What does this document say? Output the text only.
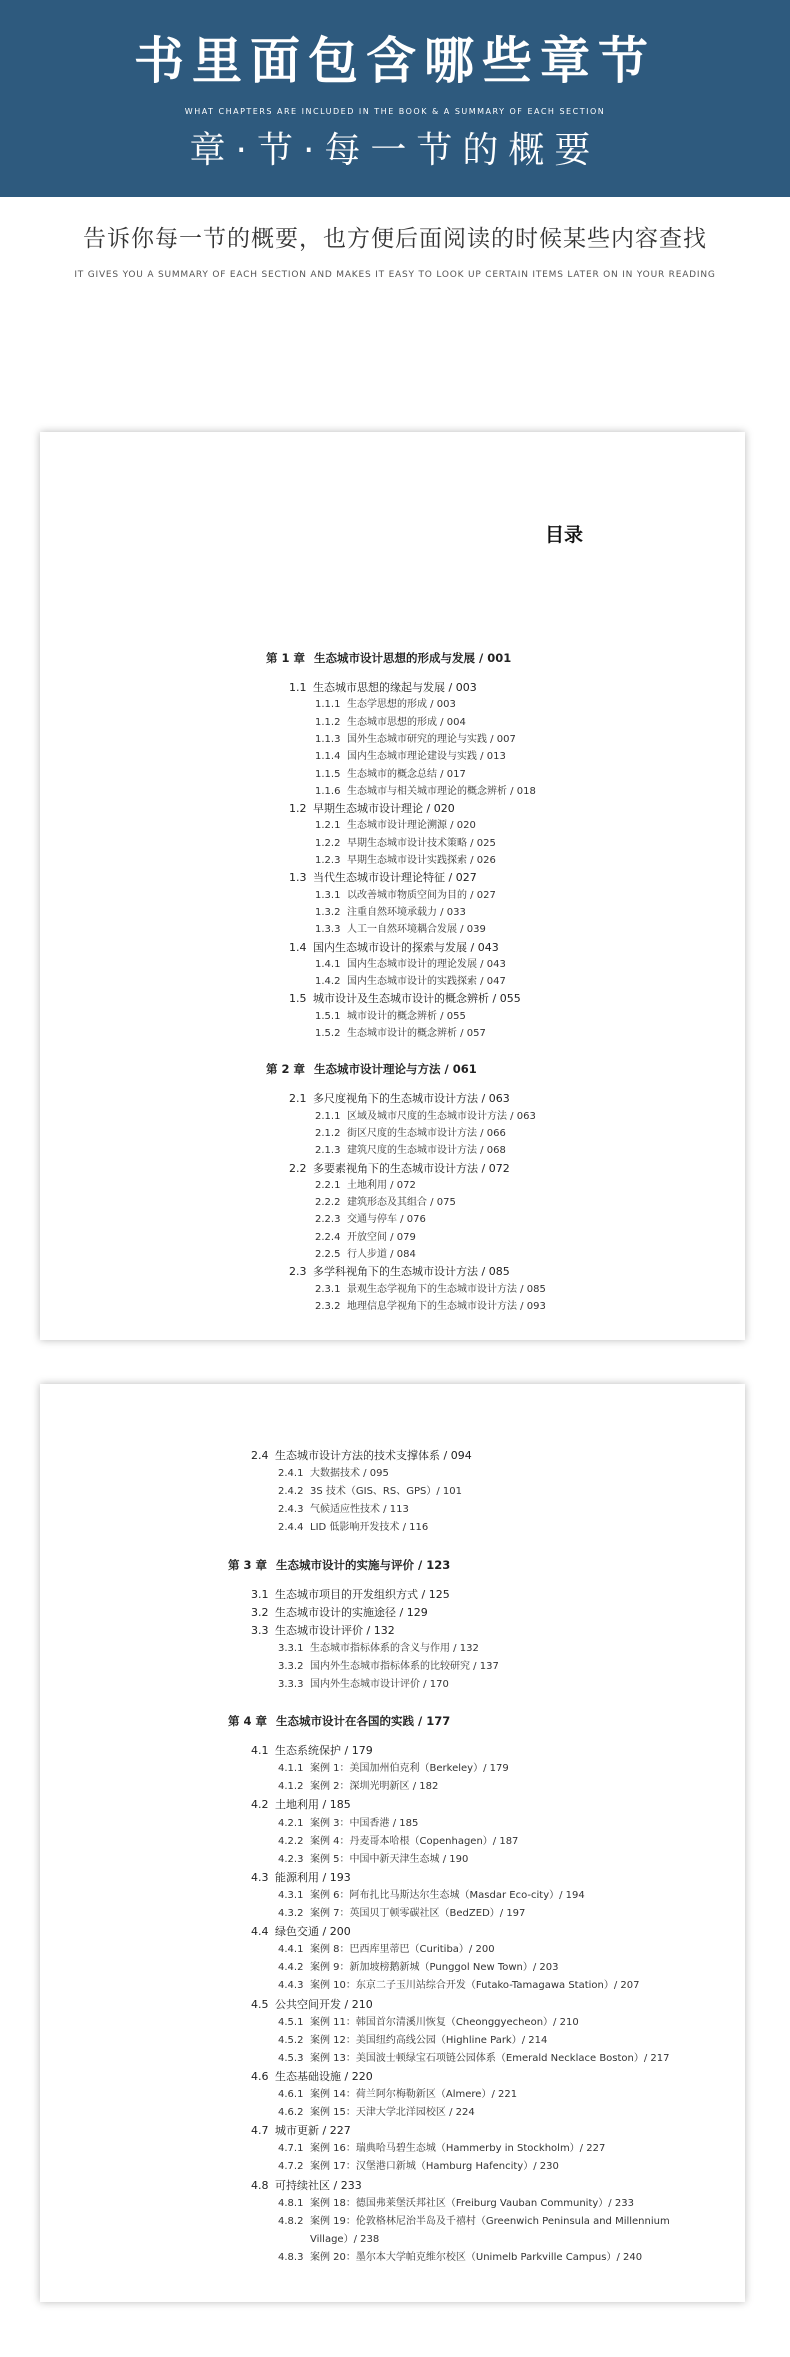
书里面包含哪些章节
WHAT CHAPTERS ARE INCLUDED IN THE BOOK & A SUMMARY OF EACH SECTION
章·节·每一节的概要
告诉你每一节的概要，也方便后面阅读的时候某些内容查找
IT GIVES YOU A SUMMARY OF EACH SECTION AND MAKES IT EASY TO LOOK UP CERTAIN ITEMS LATER ON IN YOUR READING
目录
第 1 章 生态城市设计思想的形成与发展 / 001
1.1 生态城市思想的缘起与发展 / 003
1.1.1 生态学思想的形成 / 003
1.1.2 生态城市思想的形成 / 004
1.1.3 国外生态城市研究的理论与实践 / 007
1.1.4 国内生态城市理论建设与实践 / 013
1.1.5 生态城市的概念总结 / 017
1.1.6 生态城市与相关城市理论的概念辨析 / 018
1.2 早期生态城市设计理论 / 020
1.2.1 生态城市设计理论溯源 / 020
1.2.2 早期生态城市设计技术策略 / 025
1.2.3 早期生态城市设计实践探索 / 026
1.3 当代生态城市设计理论特征 / 027
1.3.1 以改善城市物质空间为目的 / 027
1.3.2 注重自然环境承载力 / 033
1.3.3 人工一自然环境耦合发展 / 039
1.4 国内生态城市设计的探索与发展 / 043
1.4.1 国内生态城市设计的理论发展 / 043
1.4.2 国内生态城市设计的实践探索 / 047
1.5 城市设计及生态城市设计的概念辨析 / 055
1.5.1 城市设计的概念辨析 / 055
1.5.2 生态城市设计的概念辨析 / 057
第 2 章 生态城市设计理论与方法 / 061
2.1 多尺度视角下的生态城市设计方法 / 063
2.1.1 区域及城市尺度的生态城市设计方法 / 063
2.1.2 街区尺度的生态城市设计方法 / 066
2.1.3 建筑尺度的生态城市设计方法 / 068
2.2 多要素视角下的生态城市设计方法 / 072
2.2.1 土地利用 / 072
2.2.2 建筑形态及其组合 / 075
2.2.3 交通与停车 / 076
2.2.4 开放空间 / 079
2.2.5 行人步道 / 084
2.3 多学科视角下的生态城市设计方法 / 085
2.3.1 景观生态学视角下的生态城市设计方法 / 085
2.3.2 地理信息学视角下的生态城市设计方法 / 093
2.4 生态城市设计方法的技术支撑体系 / 094
2.4.1 大数据技术 / 095
2.4.2 3S 技术（GIS、RS、GPS）/ 101
2.4.3 气候适应性技术 / 113
2.4.4 LID 低影响开发技术 / 116
第 3 章 生态城市设计的实施与评价 / 123
3.1 生态城市项目的开发组织方式 / 125
3.2 生态城市设计的实施途径 / 129
3.3 生态城市设计评价 / 132
3.3.1 生态城市指标体系的含义与作用 / 132
3.3.2 国内外生态城市指标体系的比较研究 / 137
3.3.3 国内外生态城市设计评价 / 170
第 4 章 生态城市设计在各国的实践 / 177
4.1 生态系统保护 / 179
4.1.1 案例 1：美国加州伯克利（Berkeley）/ 179
4.1.2 案例 2：深圳光明新区 / 182
4.2 土地利用 / 185
4.2.1 案例 3：中国香港 / 185
4.2.2 案例 4：丹麦哥本哈根（Copenhagen）/ 187
4.2.3 案例 5：中国中新天津生态城 / 190
4.3 能源利用 / 193
4.3.1 案例 6：阿布扎比马斯达尔生态城（Masdar Eco-city）/ 194
4.3.2 案例 7：英国贝丁顿零碳社区（BedZED）/ 197
4.4 绿色交通 / 200
4.4.1 案例 8：巴西库里蒂巴（Curitiba）/ 200
4.4.2 案例 9：新加坡榜鹅新城（Punggol New Town）/ 203
4.4.3 案例 10：东京二子玉川站综合开发（Futako-Tamagawa Station）/ 207
4.5 公共空间开发 / 210
4.5.1 案例 11：韩国首尔清溪川恢复（Cheonggyecheon）/ 210
4.5.2 案例 12：美国纽约高线公园（Highline Park）/ 214
4.5.3 案例 13：美国波士顿绿宝石项链公园体系（Emerald Necklace Boston）/ 217
4.6 生态基础设施 / 220
4.6.1 案例 14：荷兰阿尔梅勒新区（Almere）/ 221
4.6.2 案例 15：天津大学北洋园校区 / 224
4.7 城市更新 / 227
4.7.1 案例 16：瑞典哈马碧生态城（Hammerby in Stockholm）/ 227
4.7.2 案例 17：汉堡港口新城（Hamburg Hafencity）/ 230
4.8 可持续社区 / 233
4.8.1 案例 18：德国弗莱堡沃邦社区（Freiburg Vauban Community）/ 233
4.8.2 案例 19：伦敦格林尼治半岛及千禧村（Greenwich Peninsula and Millennium
Village）/ 238
4.8.3 案例 20：墨尔本大学帕克维尔校区（Unimelb Parkville Campus）/ 240
